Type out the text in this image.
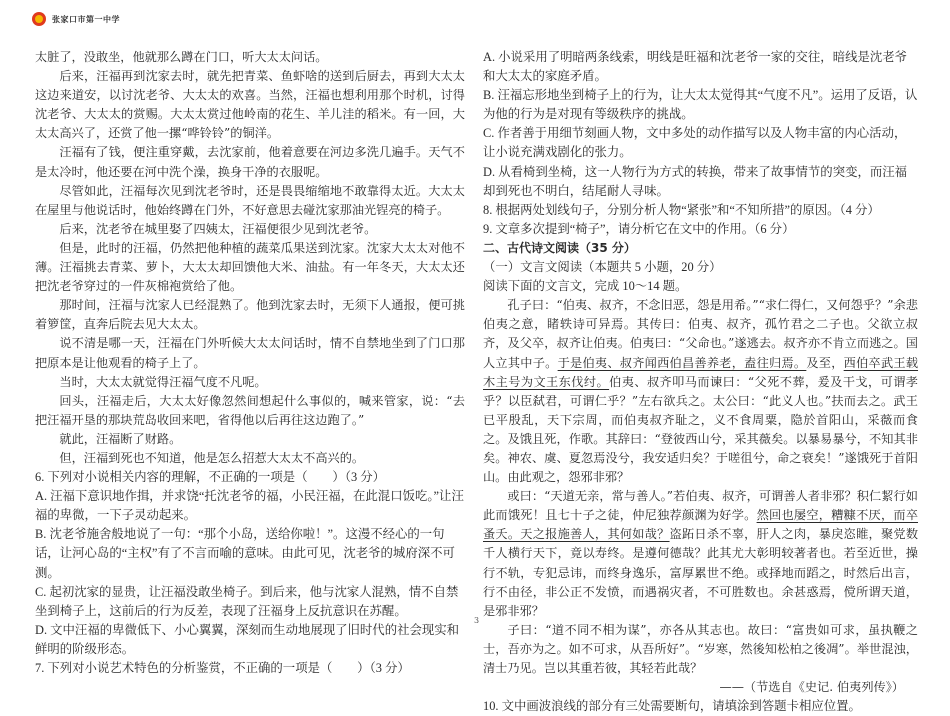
张家口市第一中学

太脏了，没敢坐，他就那么蹲在门口，听大太太问话。

后来，汪福再到沈家去时，就先把青菜、鱼虾啥的送到后厨去，再到大太太这边来道安，以讨沈老爷、大太太的欢喜。当然，汪福也想利用那个时机，讨得沈老爷、大太太的赏赐。大太太赏过他岭南的花生、羊儿洼的稻米。有一回，大太太高兴了，还赏了他一摞“哗铃铃”的铜洋。

汪福有了钱，便注重穿戴，去沈家前，他着意要在河边多洗几遍手。天气不是太冷时，他还要在河中洗个澡，换身干净的衣服呢。

尽管如此，汪福每次见到沈老爷时，还是畏畏缩缩地不敢靠得太近。大太太在屋里与他说话时，他始终蹲在门外，不好意思去碰沈家那油光锃亮的椅子。

后来，沈老爷在城里娶了四姨太，汪福便很少见到沈老爷。

但是，此时的汪福，仍然把他种植的蔬菜瓜果送到沈家。沈家大太太对他不薄。汪福挑去青菜、萝卜，大太太却回馈他大米、油盐。有一年冬天，大太太还把沈老爷穿过的一件灰棉袍赏给了他。

那时间，汪福与沈家人已经混熟了。他到沈家去时，无须下人通报，便可挑着箩筐，直奔后院去见大太太。

说不清是哪一天，汪福在门外听候大太太问话时，情不自禁地坐到了门口那把原本是让他观看的椅子上了。

当时，大太太就觉得汪福气度不凡呢。

回头，汪福走后，大太太好像忽然间想起什么事似的，喊来管家，说：“去把汪福开垦的那块荒岛收回来吧，省得他以后再往这边跑了。”

就此，汪福断了财路。

但，汪福到死也不知道，他是怎么招惹大太太不高兴的。

6. 下列对小说相关内容的理解，不正确的一项是（　　）（3 分）

A. 汪福下意识地作揖，并求饶“托沈老爷的福，小民汪福，在此混口饭吃。”让汪福的卑微，一下子灵动起来。

B. 沈老爷施舍般地说了一句：“那个小岛，送给你啦！”。这漫不经心的一句话，让河心岛的“主权”有了不言而喻的意味。由此可见，沈老爷的城府深不可测。

C. 起初沈家的显贵，让汪福没敢坐椅子。到后来，他与沈家人混熟，情不自禁坐到椅子上，这前后的行为反差，表现了汪福身上反抗意识在苏醒。

D. 文中汪福的卑微低下、小心翼翼，深刻而生动地展现了旧时代的社会现实和鲜明的阶级形态。

7. 下列对小说艺术特色的分析鉴赏，不正确的一项是（　　）（3 分）

A. 小说采用了明暗两条线索，明线是旺福和沈老爷一家的交往，暗线是沈老爷和大太太的家庭矛盾。

B. 汪福忘形地坐到椅子上的行为，让大太太觉得其“气度不凡”。运用了反语，认为他的行为是对现有等级秩序的挑战。

C. 作者善于用细节刻画人物，文中多处的动作描写以及人物丰富的内心活动，让小说充满戏剧化的张力。

D. 从看椅到坐椅，这一人物行为方式的转换，带来了故事情节的突变，而汪福却到死也不明白，结尾耐人寻味。

8. 根据两处划线句子，分别分析人物“紧张”和“不知所措”的原因。（4 分）

9. 文章多次提到“椅子”，请分析它在文中的作用。（6 分）

二、古代诗文阅读（35 分）

（一）文言文阅读（本题共 5 小题，20 分）

阅读下面的文言文，完成 10～14 题。

孔子曰：“伯夷、叔齐，不念旧恶，怨是用希。”“求仁得仁，又何怨乎？”余悲伯夷之意，睹轶诗可异焉。其传曰：伯夷、叔齐，孤竹君之二子也。父欲立叔齐，及父卒，叔齐让伯夷。伯夷曰：“父命也。”遂逃去。叔齐亦不肯立而逃之。国人立其中子。于是伯夷、叔齐闻西伯昌善养老，盍往归焉。及至，西伯卒武王载木主号为文王东伐纣。伯夷、叔齐叩马而谏曰：“父死不葬，爰及干戈，可谓孝乎？以臣弑君，可谓仁乎？”左右欲兵之。太公曰：“此义人也。”扶而去之。武王已平殷乱，天下宗周，而伯夷叔齐耻之，义不食周粟，隐於首阳山，采薇而食之。及饿且死，作歌。其辞曰：“登彼西山兮，采其薇矣。以暴易暴兮，不知其非矣。神农、虞、夏忽焉没兮，我安适归矣？于嗟徂兮，命之衰矣！”遂饿死于首阳山。由此观之，怨邪非邪？

或曰：“天道无亲，常与善人。”若伯夷、叔齐，可谓善人者非邪？积仁絜行如此而饿死！且七十子之徒，仲尼独荐颜渊为好学。然回也屡空，糟糠不厌，而卒蚤夭。天之报施善人，其何如哉？盗跖日杀不辜，肝人之肉，暴戾恣睢，聚党数千人横行天下，竟以寿终。是遵何德哉？此其尤大彰明较著者也。若至近世，操行不轨，专犯忌讳，而终身逸乐，富厚累世不绝。或择地而蹈之，时然后出言，行不由径，非公正不发愤，而遇祸灾者，不可胜数也。余甚惑焉，傥所谓天道，是邪非邪？

子曰：“道不同不相为谋”，亦各从其志也。故曰：“富贵如可求，虽执鞭之士，吾亦为之。如不可求，从吾所好”。“岁寒，然後知松柏之後凋”。举世混浊，清士乃见。岂以其重若彼，其轻若此哉？

——（节选自《史记. 伯夷列传》）

10. 文中画波浪线的部分有三处需要断句，请填涂到答题卡相应位置。

3
